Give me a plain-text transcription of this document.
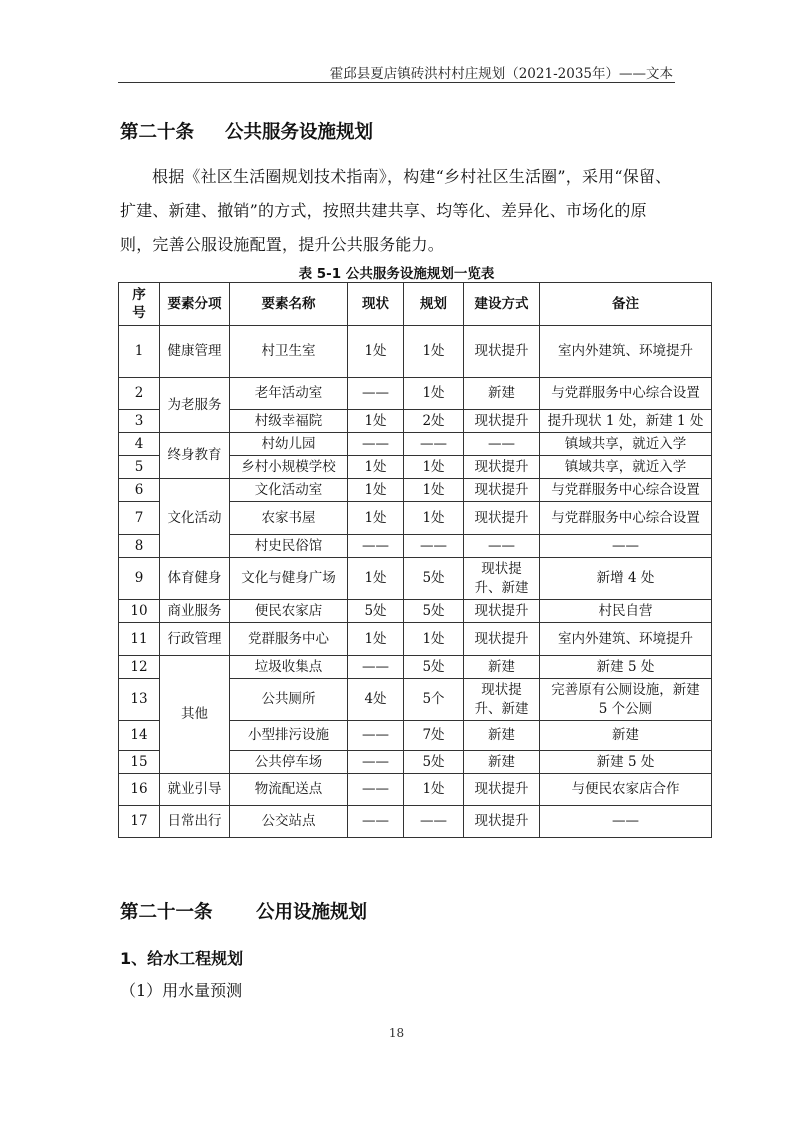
霍邱县夏店镇砖洪村村庄规划（2021-2035年）——文本
第二十条 公共服务设施规划

根据《社区生活圈规划技术指南》，构建“乡村社区生活圈”，采用“保留、扩建、新建、撤销”的方式，按照共建共享、均等化、差异化、市场化的原则，完善公服设施配置，提升公共服务能力。

表 5-1 公共服务设施规划一览表
序号	要素分项	要素名称	现状	规划	建设方式	备注
1	健康管理	村卫生室	1处	1处	现状提升	室内外建筑、环境提升
2	为老服务	老年活动室	——	1处	新建	与党群服务中心综合设置
3		村级幸福院	1处	2处	现状提升	提升现状 1 处，新建 1 处
4	终身教育	村幼儿园	——	——	——	镇域共享，就近入学
5		乡村小规模学校	1处	1处	现状提升	镇域共享，就近入学
6	文化活动	文化活动室	1处	1处	现状提升	与党群服务中心综合设置
7		农家书屋	1处	1处	现状提升	与党群服务中心综合设置
8		村史民俗馆	——	——	——	——
9	体育健身	文化与健身广场	1处	5处	现状提升、新建	新增 4 处
10	商业服务	便民农家店	5处	5处	现状提升	村民自营
11	行政管理	党群服务中心	1处	1处	现状提升	室内外建筑、环境提升
12	其他	垃圾收集点	——	5处	新建	新建 5 处
13		公共厕所	4处	5个	现状提升、新建	完善原有公厕设施，新建 5 个公厕

14		小型排污设施	——	7处	新建	新建
15		公共停车场	——	5处	新建	新建 5 处
16	就业引导	物流配送点	——	1处	现状提升	与便民农家店合作
17	日常出行	公交站点	——	——	现状提升	——
第二十一条 公用设施规划
1、给水工程规划
（1）用水量预测
18
